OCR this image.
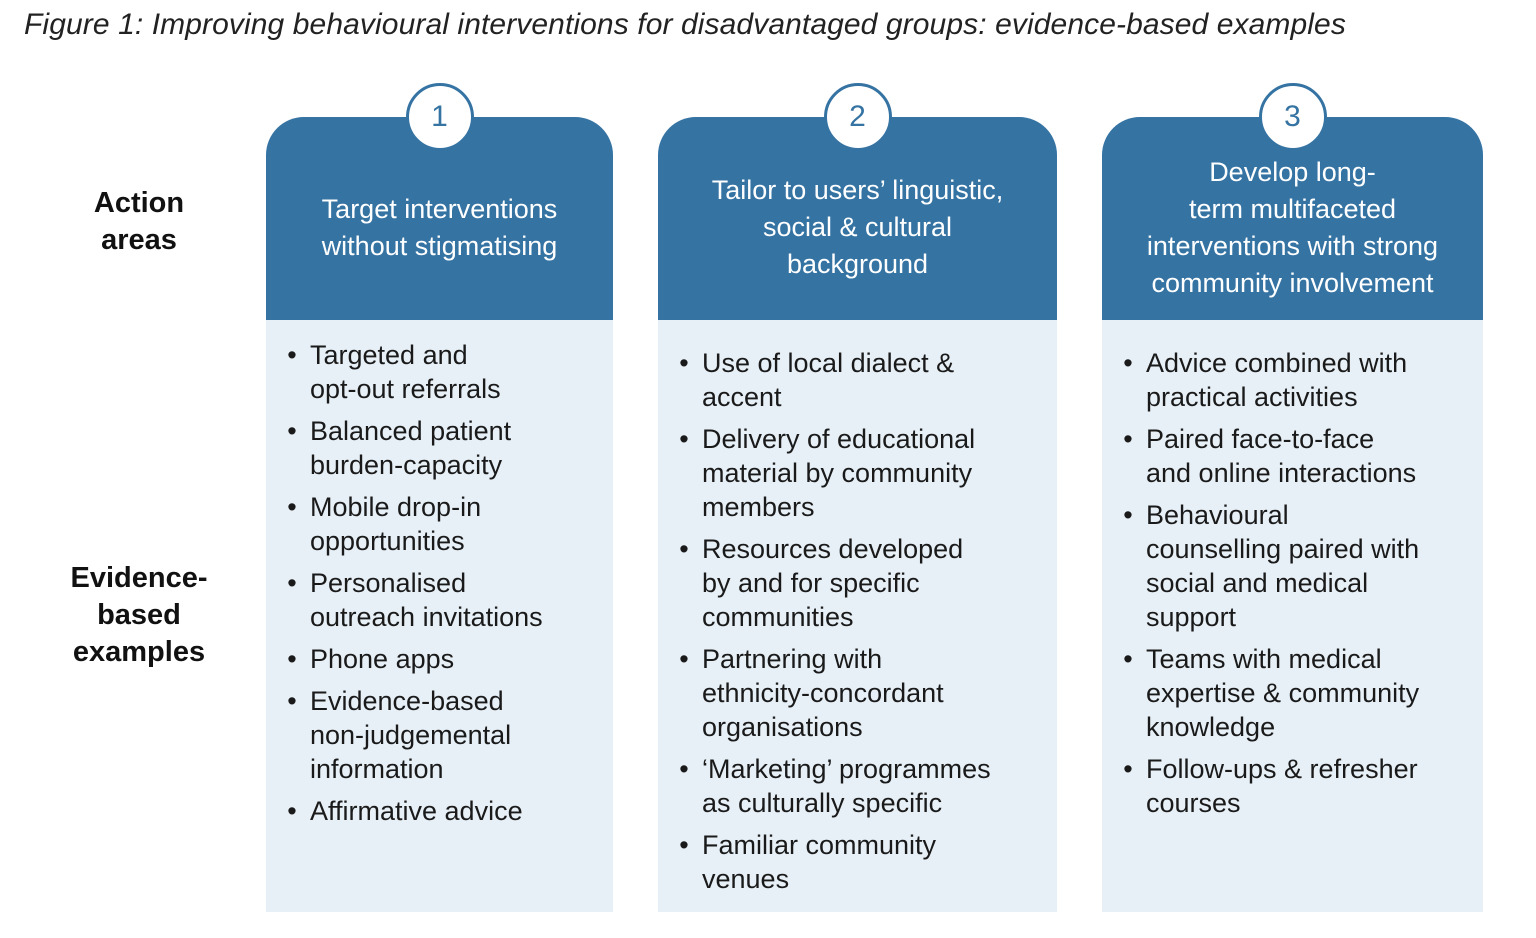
Figure 1: Improving behavioural interventions for disadvantaged groups: evidence-based examples
Action
areas
Evidence-
based
examples
1
Target interventions
without stigmatising
• Targeted and
opt-out referrals
• Balanced patient
burden-capacity
• Mobile drop-in
opportunities
• Personalised
outreach invitations
• Phone apps
• Evidence-based
non-judgemental
information
• Affirmative advice
2
Tailor to users’ linguistic,
social & cultural
background
• Use of local dialect &
accent
• Delivery of educational
material by community
members
• Resources developed
by and for specific
communities
• Partnering with
ethnicity-concordant
organisations
• ‘Marketing’ programmes
as culturally specific
• Familiar community
venues
3
Develop long-
term multifaceted
interventions with strong
community involvement
• Advice combined with
practical activities
• Paired face-to-face
and online interactions
• Behavioural
counselling paired with
social and medical
support
• Teams with medical
expertise & community
knowledge
• Follow-ups & refresher
courses
